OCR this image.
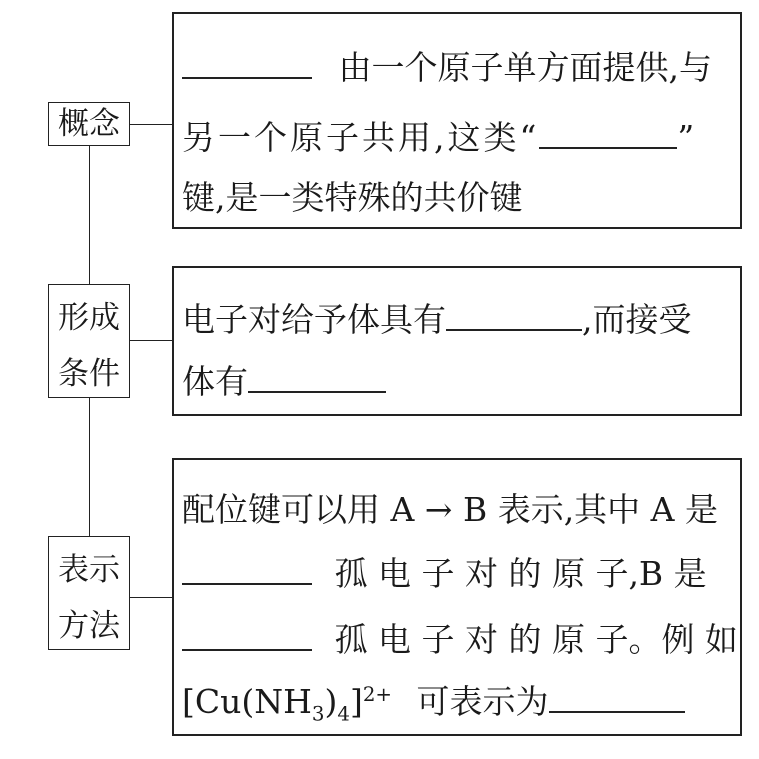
概念
形成
条件
表示
方法
由一个原子单方面提供,与
另一个原子共用,这类“	”
键,是一类特殊的共价键
电子对给予体具有	,而接受
体有
配位键可以用 A → B 表示,其中 A 是
孤 电 子 对 的 原 子,B 是
孤 电 子 对 的 原 子。例 如
$[Cu(NH_3)_4]^{2+}$ 可表示为
